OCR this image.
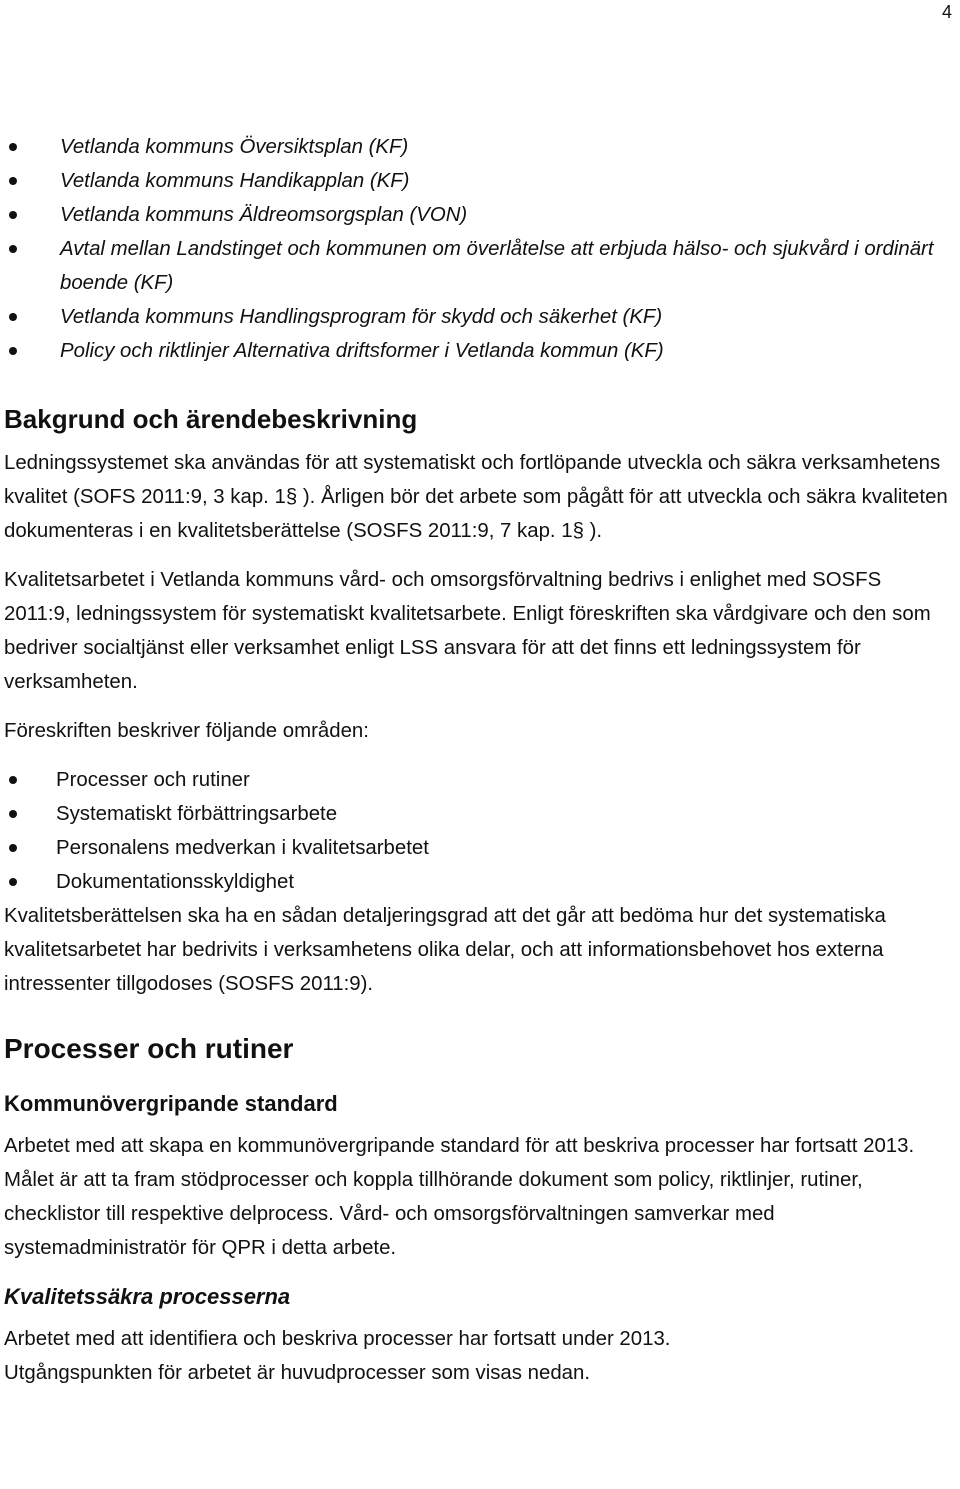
4
Vetlanda kommuns Översiktsplan (KF)
Vetlanda kommuns Handikapplan (KF)
Vetlanda kommuns Äldreomsorgsplan (VON)
Avtal mellan Landstinget och kommunen om överlåtelse att erbjuda hälso- och sjukvård i ordinärt boende (KF)
Vetlanda kommuns Handlingsprogram för skydd och säkerhet (KF)
Policy och riktlinjer Alternativa driftsformer i Vetlanda kommun (KF)
Bakgrund och ärendebeskrivning

Ledningssystemet ska användas för att systematiskt och fortlöpande utveckla och säkra verksamhetens kvalitet (SOFS 2011:9, 3 kap. 1§ ). Årligen bör det arbete som pågått för att utveckla och säkra kvaliteten dokumenteras i en kvalitetsberättelse (SOSFS 2011:9, 7 kap. 1§ ).

Kvalitetsarbetet i Vetlanda kommuns vård- och omsorgsförvaltning bedrivs i enlighet med SOSFS 2011:9, ledningssystem för systematiskt kvalitetsarbete. Enligt föreskriften ska vårdgivare och den som bedriver socialtjänst eller verksamhet enligt LSS ansvara för att det finns ett ledningssystem för verksamheten.

Föreskriften beskriver följande områden:

Processer och rutiner
Systematiskt förbättringsarbete
Personalens medverkan i kvalitetsarbetet
Dokumentationsskyldighet

Kvalitetsberättelsen ska ha en sådan detaljeringsgrad att det går att bedöma hur det systematiska kvalitetsarbetet har bedrivits i verksamhetens olika delar, och att informationsbehovet hos externa intressenter tillgodoses (SOSFS 2011:9).

Processer och rutiner
Kommunövergripande standard

Arbetet med att skapa en kommunövergripande standard för att beskriva processer har fortsatt 2013. Målet är att ta fram stödprocesser och koppla tillhörande dokument som policy, riktlinjer, rutiner, checklistor till respektive delprocess. Vård- och omsorgsförvaltningen samverkar med systemadministratör för QPR i detta arbete.

Kvalitetssäkra processerna
Arbetet med att identifiera och beskriva processer har fortsatt under 2013.
Utgångspunkten för arbetet är huvudprocesser som visas nedan.
